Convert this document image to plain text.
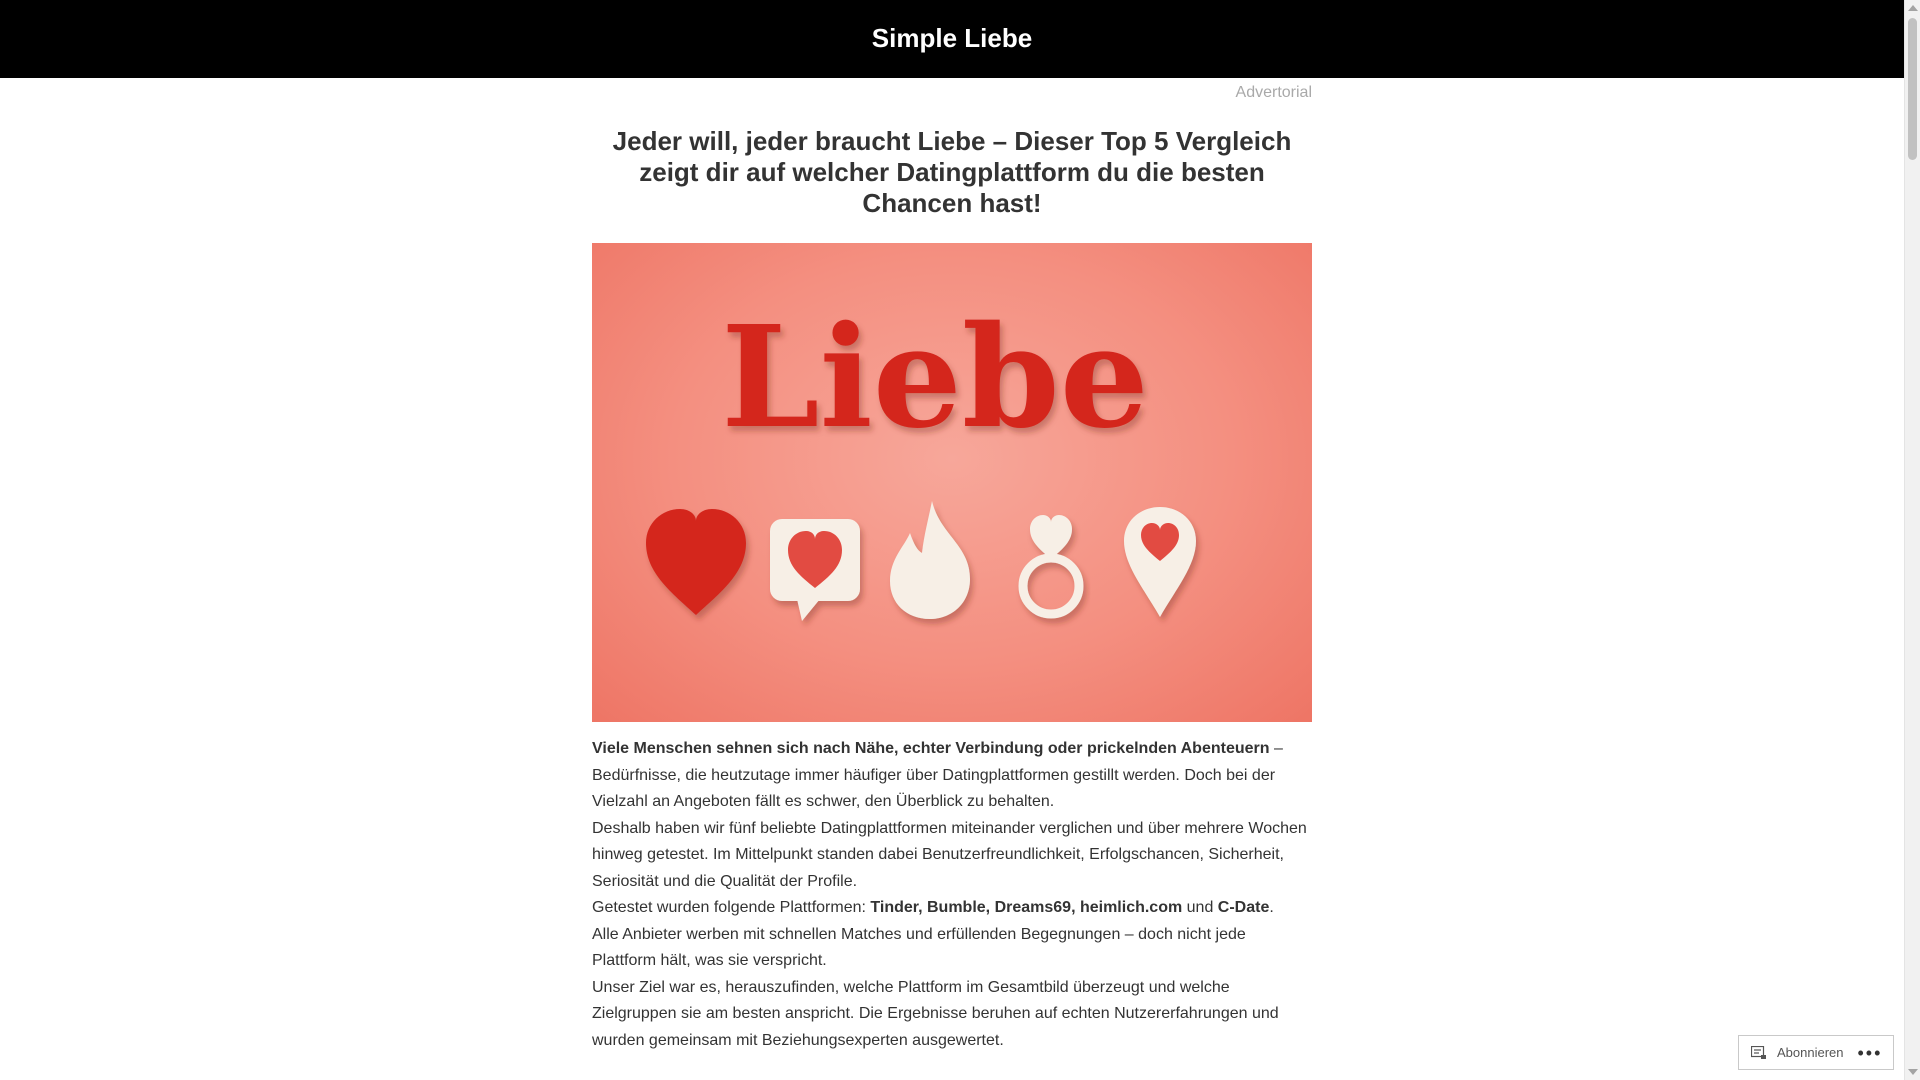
Simple Liebe
Advertorial
Jeder will, jeder braucht Liebe – Dieser Top 5 Vergleich zeigt dir auf welcher Datingplattform du die besten Chancen hast!
Liebe

Viele Menschen sehnen sich nach Nähe, echter Verbindung oder prickelnden Abenteuern – Bedürfnisse, die heutzutage immer häufiger über Datingplattformen gestillt werden. Doch bei der Vielzahl an Angeboten fällt es schwer, den Überblick zu behalten.

Deshalb haben wir fünf beliebte Datingplattformen miteinander verglichen und über mehrere Wochen hinweg getestet. Im Mittelpunkt standen dabei Benutzerfreundlichkeit, Erfolgschancen, Sicherheit, Seriosität und die Qualität der Profile.

Getestet wurden folgende Plattformen: Tinder, Bumble, Dreams69, heimlich.com und C-Date.

Alle Anbieter werben mit schnellen Matches und erfüllenden Begegnungen – doch nicht jede Plattform hält, was sie verspricht.

Unser Ziel war es, herauszufinden, welche Plattform im Gesamtbild überzeugt und welche Zielgruppen sie am besten anspricht. Die Ergebnisse beruhen auf echten Nutzererfahrungen und wurden gemeinsam mit Beziehungsexperten ausgewertet.

Abonnieren •••
